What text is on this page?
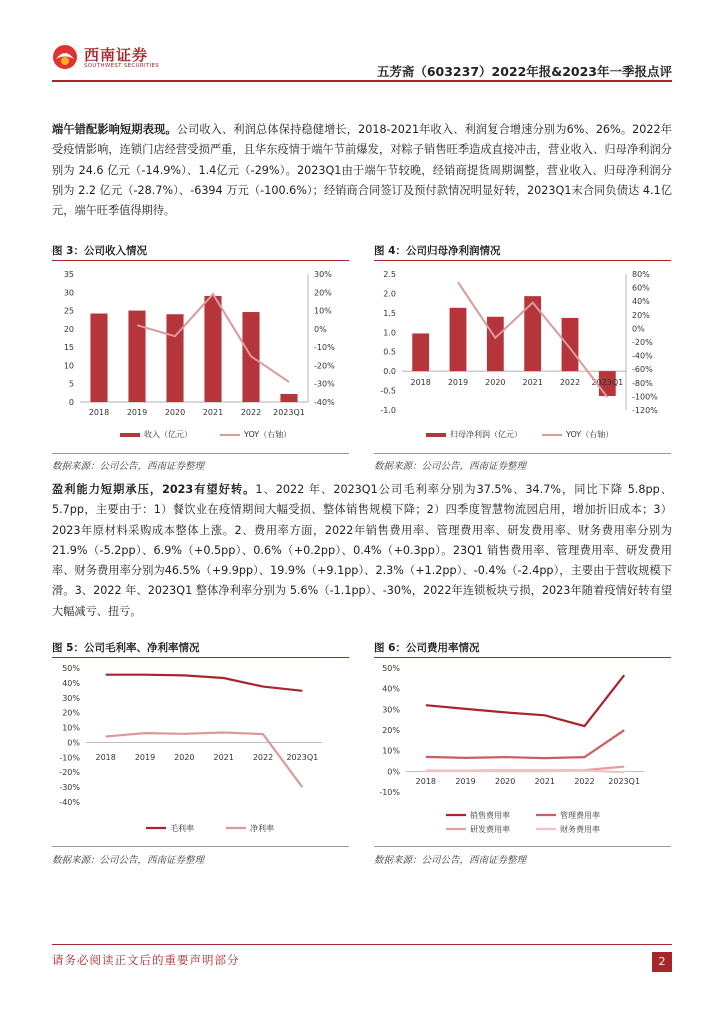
西南证券
SOUTHWEST SECURITIES	五芳斋（603237）2022年报&2023年一季报点评
端午错配影响短期表现。公司收入、利润总体保持稳健增长，2018-2021年收入、利润复合增速分别为6%、26%。2022年受疫情影响，连锁门店经营受损严重，且华东疫情于端午节前爆发，对粽子销售旺季造成直接冲击，营业收入、归母净利润分别为 24.6 亿元（-14.9%）、1.4亿元（-29%）。2023Q1由于端午节较晚，经销商提货周期调整，营业收入、归母净利润分别为 2.2 亿元（-28.7%）、-6394 万元（-100.6%）；经销商合同签订及预付款情况明显好转，2023Q1末合同负债达 4.1亿元，端午旺季值得期待。
图 3：公司收入情况
35
30
25
20
15
10
5
0
30%
20%
10%
0%
-10%
-20%
-30%
-40%
2018 2019 2020 2021 2022 2023Q1
收入（亿元）	YOY（右轴）
数据来源：公司公告，西南证券整理
图 4：公司归母净利润情况
2.5
2.0
1.5
1.0
0.5
0.0
-0.5
-1.0
80%
60%
40%
20%
0%
-20%
-40%
-60%
-80%
-100%
-120%
2018 2019 2020 2021 2022 2023Q1
归母净利润（亿元）	YOY（右轴）
数据来源：公司公告，西南证券整理
盈利能力短期承压，2023有望好转。1、2022 年、2023Q1公司毛利率分别为37.5%、34.7%，同比下降 5.8pp、5.7pp，主要由于：1）餐饮业在疫情期间大幅受损、整体销售规模下降；2）四季度智慧物流园启用，增加折旧成本；3）2023年原材料采购成本整体上涨。2、费用率方面，2022年销售费用率、管理费用率、研发费用率、财务费用率分别为21.9%（-5.2pp）、6.9%（+0.5pp）、0.6%（+0.2pp）、0.4%（+0.3pp）。23Q1 销售费用率、管理费用率、研发费用率、财务费用率分别为46.5%（+9.9pp）、19.9%（+9.1pp）、2.3%（+1.2pp）、-0.4%（-2.4pp），主要由于营收规模下滑。3、2022 年、2023Q1 整体净利率分别为 5.6%（-1.1pp）、-30%，2022年连锁板块亏损，2023年随着疫情好转有望大幅减亏、扭亏。
图 5：公司毛利率、净利率情况
50%
40%
30%
20%
10%
0%
-10%
-20%
-30%
-40%
2018 2019 2020 2021 2022 2023Q1
毛利率	净利率
数据来源：公司公告，西南证券整理
图 6：公司费用率情况
50%
40%
30%
20%
10%
0%
-10%
2018 2019 2020 2021 2022 2023Q1
销售费用率	管理费用率
研发费用率	财务费用率
数据来源：公司公告，西南证券整理
请务必阅读正文后的重要声明部分	2
